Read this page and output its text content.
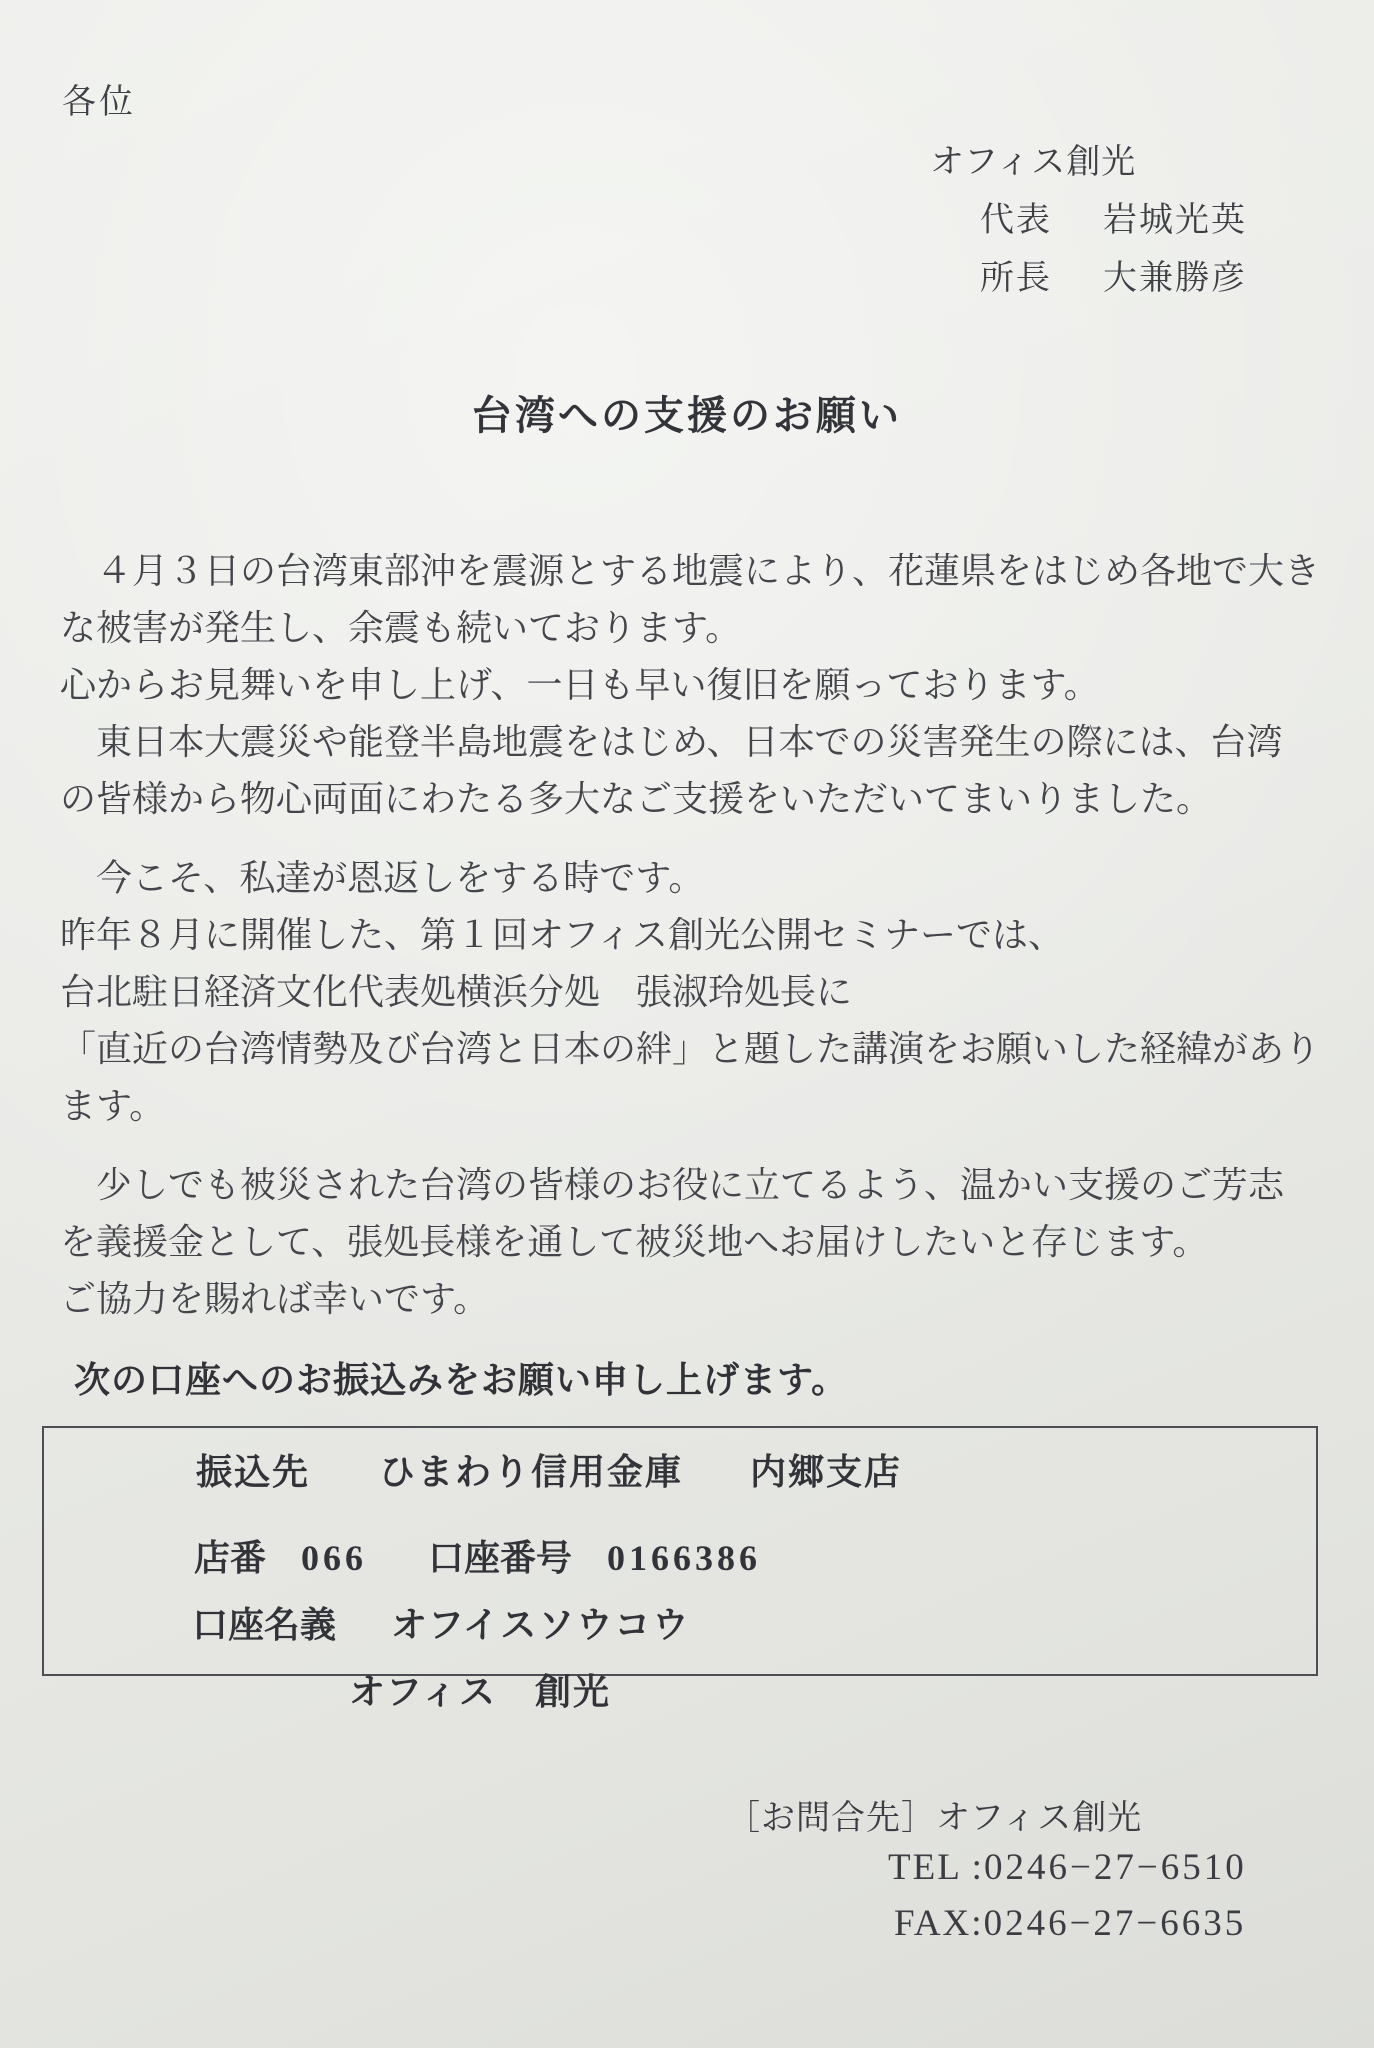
各位
オフィス創光
代表	岩城光英
所長	大兼勝彦
台湾への支援のお願い
　４月３日の台湾東部沖を震源とする地震により、花蓮県をはじめ各地で大き
な被害が発生し、余震も続いております。
心からお見舞いを申し上げ、一日も早い復旧を願っております。
　東日本大震災や能登半島地震をはじめ、日本での災害発生の際には、台湾
の皆様から物心両面にわたる多大なご支援をいただいてまいりました。
　今こそ、私達が恩返しをする時です。
昨年８月に開催した、第１回オフィス創光公開セミナーでは、
台北駐日経済文化代表処横浜分処　張淑玲処長に
「直近の台湾情勢及び台湾と日本の絆」と題した講演をお願いした経緯があり
ます。
　少しでも被災された台湾の皆様のお役に立てるよう、温かい支援のご芳志
を義援金として、張処長様を通して被災地へお届けしたいと存じます。
ご協力を賜れば幸いです。
次の口座へのお振込みをお願い申し上げます。
振込先 ひまわり信用金庫 内郷支店
店番 066 口座番号 0166386
口座名義 オフイスソウコウ
オフィス　創光
［お問合先］オフィス創光
TEL :0246−27−6510
FAX:0246−27−6635
